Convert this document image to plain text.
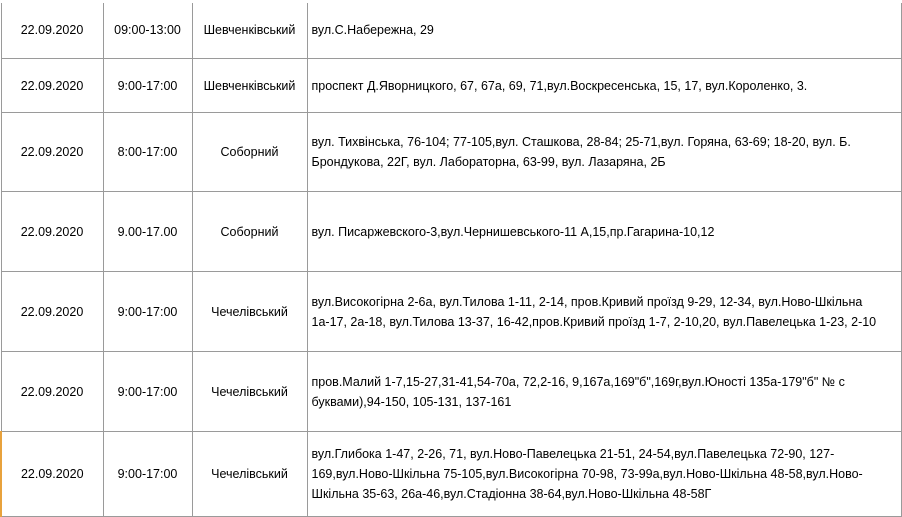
22.09.2020	09:00-13:00	Шевченківський	вул.С.Набережна, 29
22.09.2020	9:00-17:00	Шевченківський	проспект Д.Яворницкого, 67, 67а, 69, 71,вул.Воскресенська, 15, 17, вул.Короленко, 3.
22.09.2020	8:00-17:00	Соборний	вул. Тихвінська, 76-104; 77-105,вул. Сташкова, 28-84; 25-71,вул. Горяна, 63-69; 18-20, вул. Б. Брондукова, 22Г, вул. Лабораторна, 63-99, вул. Лазаряна, 2Б
22.09.2020	9.00-17.00	Соборний	вул. Писаржевского-3,вул.Чернишевського-11 А,15,пр.Гагарина-10,12
22.09.2020	9:00-17:00	Чечелівський	вул.Високогірна 2-6а, вул.Тилова 1-11, 2-14, пров.Кривий проїзд 9-29, 12-34, вул.Ново-Шкільна 1а-17, 2а-18, вул.Тилова 13-37, 16-42,пров.Кривий проїзд 1-7, 2-10,20, вул.Павелецька 1-23, 2-10
22.09.2020	9:00-17:00	Чечелівський	пров.Малий 1-7,15-27,31-41,54-70а, 72,2-16, 9,167а,169"б",169г,вул.Юності 135а-179"б" № с буквами),94-150, 105-131, 137-161
22.09.2020	9:00-17:00	Чечелівський	вул.Глибока 1-47, 2-26, 71, вул.Ново-Павелецька 21-51, 24-54,вул.Павелецька 72-90, 127-169,вул.Ново-Шкільна 75-105,вул.Високогірна 70-98, 73-99а,вул.Ново-Шкільна 48-58,вул.Ново-Шкільна 35-63, 26а-46,вул.Стадіонна 38-64,вул.Ново-Шкільна 48-58Г
